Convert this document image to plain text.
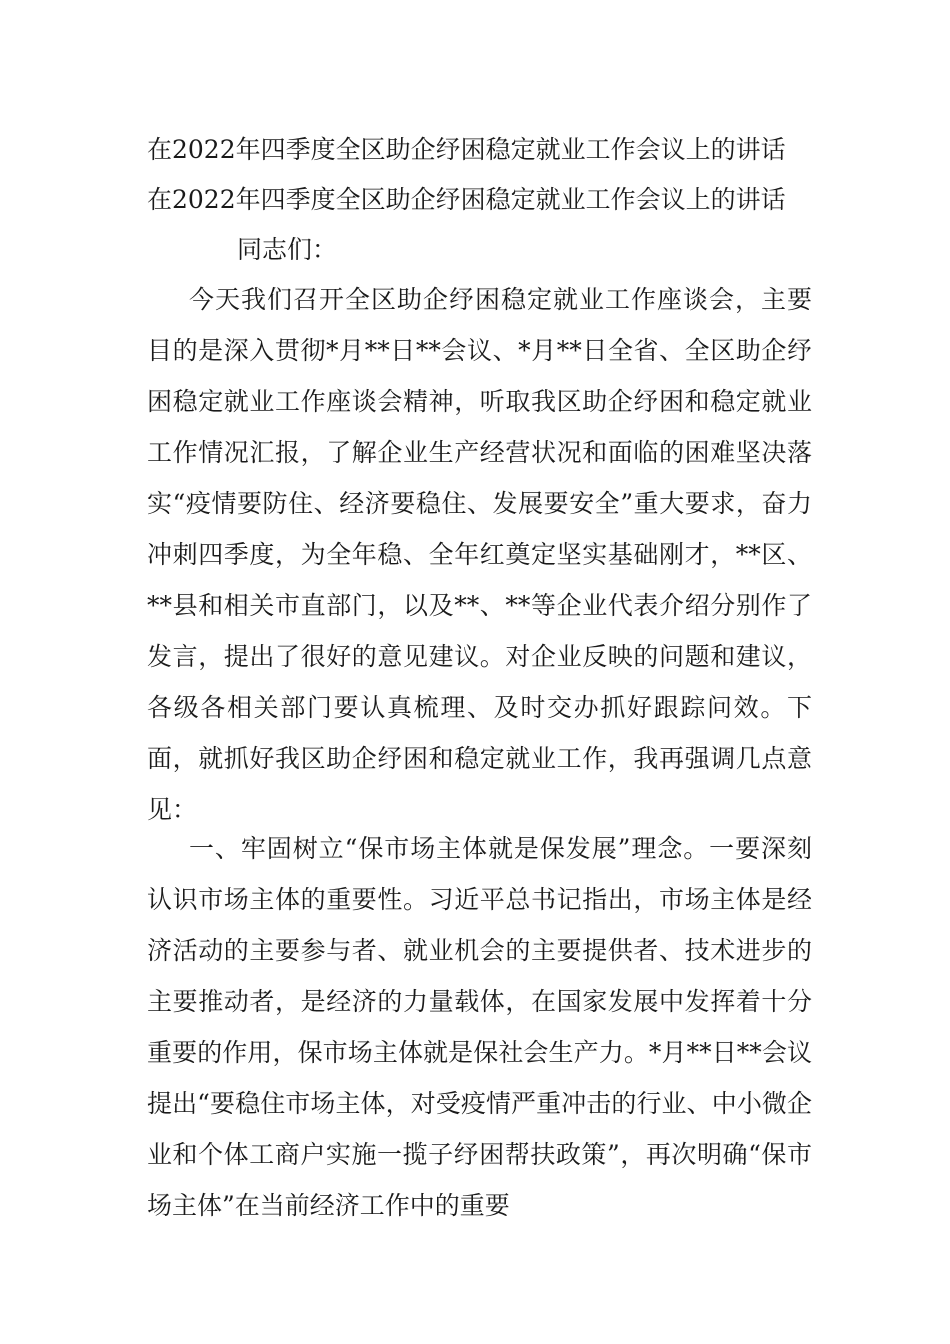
在2022年四季度全区助企纾困稳定就业工作会议上的讲话
在2022年四季度全区助企纾困稳定就业工作会议上的讲话
同志们：

今天我们召开全区助企纾困稳定就业工作座谈会，主要目的是深入贯彻*月**日**会议、*月**日全省、全区助企纾困稳定就业工作座谈会精神，听取我区助企纾困和稳定就业工作情况汇报，了解企业生产经营状况和面临的困难坚决落实“疫情要防住、经济要稳住、发展要安全”重大要求，奋力冲刺四季度，为全年稳、全年红奠定坚实基础刚才，**区、**县和相关市直部门，以及**、**等企业代表介绍分别作了发言，提出了很好的意见建议。对企业反映的问题和建议，各级各相关部门要认真梳理、及时交办抓好跟踪问效。下面，就抓好我区助企纾困和稳定就业工作，我再强调几点意见：

一、牢固树立“保市场主体就是保发展”理念。一要深刻认识市场主体的重要性。习近平总书记指出，市场主体是经济活动的主要参与者、就业机会的主要提供者、技术进步的主要推动者，是经济的力量载体，在国家发展中发挥着十分重要的作用，保市场主体就是保社会生产力。*月**日**会议提出“要稳住市场主体，对受疫情严重冲击的行业、中小微企业和个体工商户实施一揽子纾困帮扶政策”，再次明确“保市场主体”在当前经济工作中的重要
